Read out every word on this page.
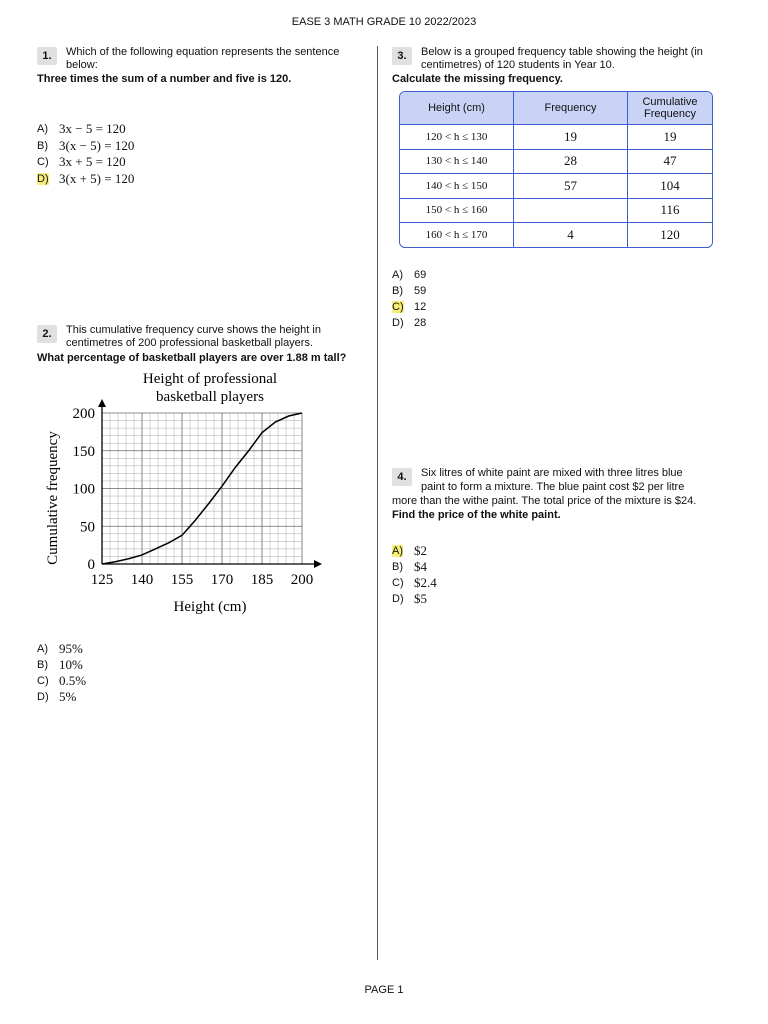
EASE 3 MATH GRADE 10 2022/2023
1.	Which of the following equation represents the sentence below:
Three times the sum of a number and five is 120.
A) 3x − 5 = 120
B) 3(x − 5) = 120
C) 3x + 5 = 120
D) 3(x + 5) = 120
2.	This cumulative frequency curve shows the height in centimetres of 200 professional basketball players.
What percentage of basketball players are over 1.88 m tall?
125 140 155 170 185 200
0
50
100
150
200
Height of professional
basketball players
Height (cm)
Cumulative frequency
A) 95%
B) 10%
C) 0.5%
D) 5%
3.	Below is a grouped frequency table showing the height (in centimetres) of 120 students in Year 10.
Calculate the missing frequency.
Height (cm)	Frequency	Cumulative Frequency
120 < h ≤ 130	19	19
130 < h ≤ 140	28	47
140 < h ≤ 150	57	104
150 < h ≤ 160		116
160 < h ≤ 170	4	120
A)	69
B)	59
C) 12
D) 28
4.	Six litres of white paint are mixed with three litres blue
paint to form a mixture. The blue paint cost $2 per litre
more than the withe paint. The total price of the mixture is $24.
Find the price of the white paint.
A) $2
B) $4
C) $2.4
D) $5
PAGE 1
